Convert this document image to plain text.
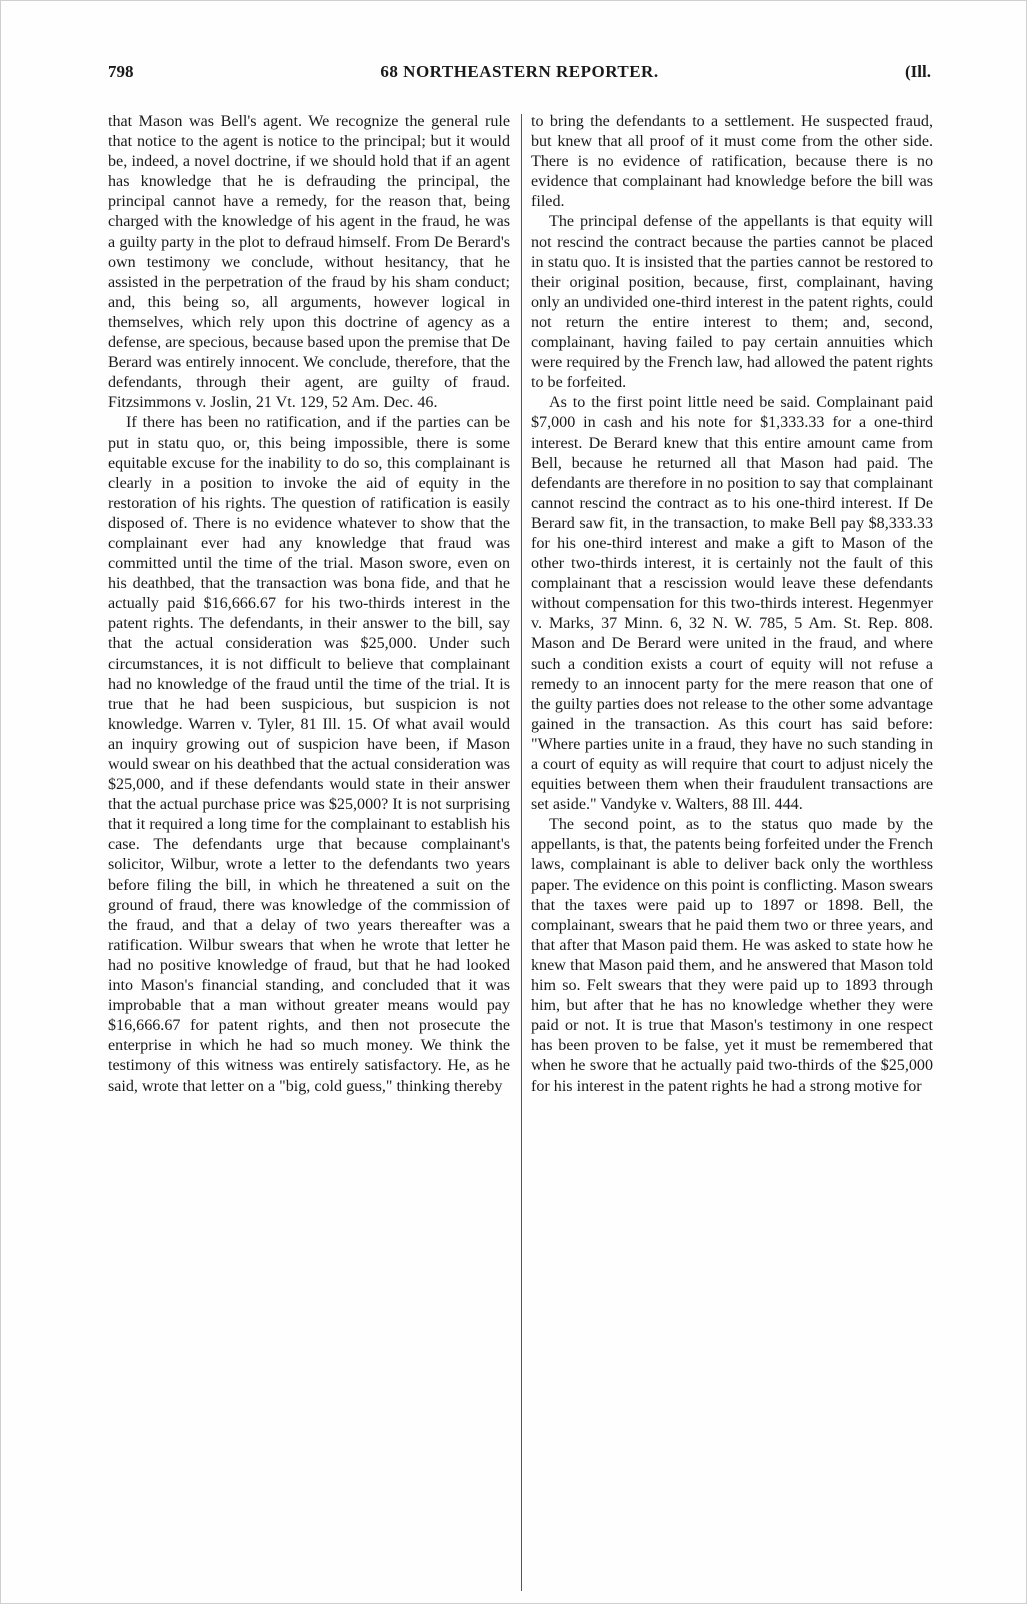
798	68 NORTHEASTERN REPORTER.	(Ill.

that Mason was Bell's agent. We recognize the general rule that notice to the agent is notice to the principal; but it would be, indeed, a novel doctrine, if we should hold that if an agent has knowledge that he is defrauding the principal, the principal cannot have a remedy, for the reason that, being charged with the knowledge of his agent in the fraud, he was a guilty party in the plot to defraud himself. From De Berard's own testimony we conclude, without hesitancy, that he assisted in the perpetration of the fraud by his sham conduct; and, this being so, all arguments, however logical in themselves, which rely upon this doctrine of agency as a defense, are specious, because based upon the premise that De Berard was entirely innocent. We conclude, therefore, that the defendants, through their agent, are guilty of fraud. Fitzsimmons v. Joslin, 21 Vt. 129, 52 Am. Dec. 46.

If there has been no ratification, and if the parties can be put in statu quo, or, this being impossible, there is some equitable excuse for the inability to do so, this complainant is clearly in a position to invoke the aid of equity in the restoration of his rights. The question of ratification is easily disposed of. There is no evidence whatever to show that the complainant ever had any knowledge that fraud was committed until the time of the trial. Mason swore, even on his deathbed, that the transaction was bona fide, and that he actually paid $16,666.67 for his two-thirds interest in the patent rights. The defendants, in their answer to the bill, say that the actual consideration was $25,000. Under such circumstances, it is not difficult to believe that complainant had no knowledge of the fraud until the time of the trial. It is true that he had been suspicious, but suspicion is not knowledge. Warren v. Tyler, 81 Ill. 15. Of what avail would an inquiry growing out of suspicion have been, if Mason would swear on his deathbed that the actual consideration was $25,000, and if these defendants would state in their answer that the actual purchase price was $25,000? It is not surprising that it required a long time for the complainant to establish his case. The defendants urge that because complainant's solicitor, Wilbur, wrote a letter to the defendants two years before filing the bill, in which he threatened a suit on the ground of fraud, there was knowledge of the commission of the fraud, and that a delay of two years thereafter was a ratification. Wilbur swears that when he wrote that letter he had no positive knowledge of fraud, but that he had looked into Mason's financial standing, and concluded that it was improbable that a man without greater means would pay $16,666.67 for patent rights, and then not prosecute the enterprise in which he had so much money. We think the testimony of this witness was entirely satisfactory. He, as he said, wrote that letter on a "big, cold guess," thinking thereby

to bring the defendants to a settlement. He suspected fraud, but knew that all proof of it must come from the other side. There is no evidence of ratification, because there is no evidence that complainant had knowledge before the bill was filed.

The principal defense of the appellants is that equity will not rescind the contract because the parties cannot be placed in statu quo. It is insisted that the parties cannot be restored to their original position, because, first, complainant, having only an undivided one-third interest in the patent rights, could not return the entire interest to them; and, second, complainant, having failed to pay certain annuities which were required by the French law, had allowed the patent rights to be forfeited.

As to the first point little need be said. Complainant paid $7,000 in cash and his note for $1,333.33 for a one-third interest. De Berard knew that this entire amount came from Bell, because he returned all that Mason had paid. The defendants are therefore in no position to say that complainant cannot rescind the contract as to his one-third interest. If De Berard saw fit, in the transaction, to make Bell pay $8,333.33 for his one-third interest and make a gift to Mason of the other two-thirds interest, it is certainly not the fault of this complainant that a rescission would leave these defendants without compensation for this two-thirds interest. Hegenmyer v. Marks, 37 Minn. 6, 32 N. W. 785, 5 Am. St. Rep. 808. Mason and De Berard were united in the fraud, and where such a condition exists a court of equity will not refuse a remedy to an innocent party for the mere reason that one of the guilty parties does not release to the other some advantage gained in the transaction. As this court has said before: "Where parties unite in a fraud, they have no such standing in a court of equity as will require that court to adjust nicely the equities between them when their fraudulent transactions are set aside." Vandyke v. Walters, 88 Ill. 444.

The second point, as to the status quo made by the appellants, is that, the patents being forfeited under the French laws, complainant is able to deliver back only the worthless paper. The evidence on this point is conflicting. Mason swears that the taxes were paid up to 1897 or 1898. Bell, the complainant, swears that he paid them two or three years, and that after that Mason paid them. He was asked to state how he knew that Mason paid them, and he answered that Mason told him so. Felt swears that they were paid up to 1893 through him, but after that he has no knowledge whether they were paid or not. It is true that Mason's testimony in one respect has been proven to be false, yet it must be remembered that when he swore that he actually paid two-thirds of the $25,000 for his interest in the patent rights he had a strong motive for
